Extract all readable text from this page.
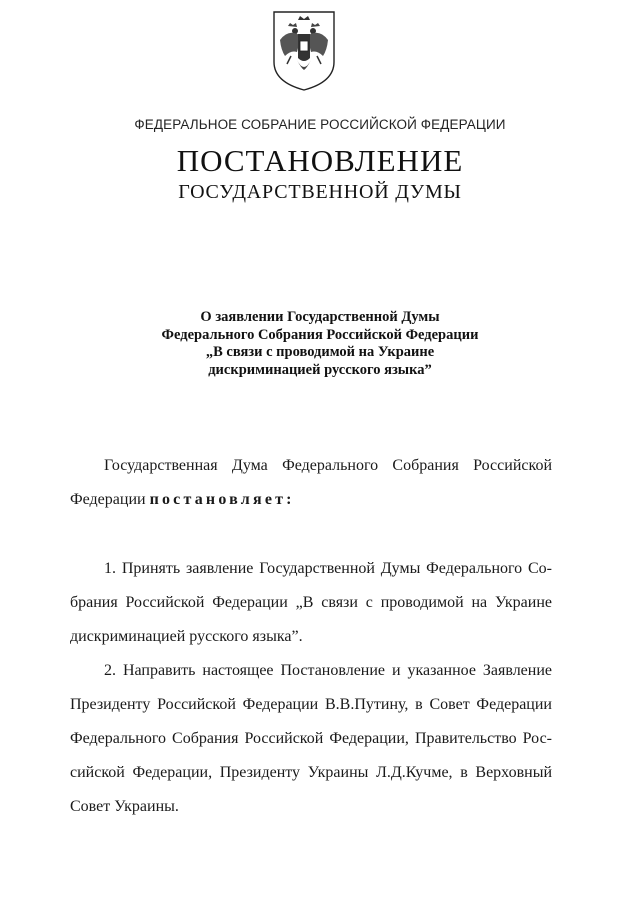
ФЕДЕРАЛЬНОЕ СОБРАНИЕ РОССИЙСКОЙ ФЕДЕРАЦИИ
ПОСТАНОВЛЕНИЕ
ГОСУДАРСТВЕННОЙ ДУМЫ
О заявлении Государственной Думы
Федерального Собрания Российской Федерации
„В связи с проводимой на Украине
дискриминацией русского языка”
Государственная Дума Федерального Собрания Российской
Федерации постановляет:
1. Принять заявление Государственной Думы Федерального Со-
брания Российской Федерации „В связи с проводимой на Украине
дискриминацией русского языка”.
2. Направить настоящее Постановление и указанное Заявление
Президенту Российской Федерации В.В.Путину, в Совет Федерации
Федерального Собрания Российской Федерации, Правительство Рос-
сийской Федерации, Президенту Украины Л.Д.Кучме, в Верховный
Совет Украины.
